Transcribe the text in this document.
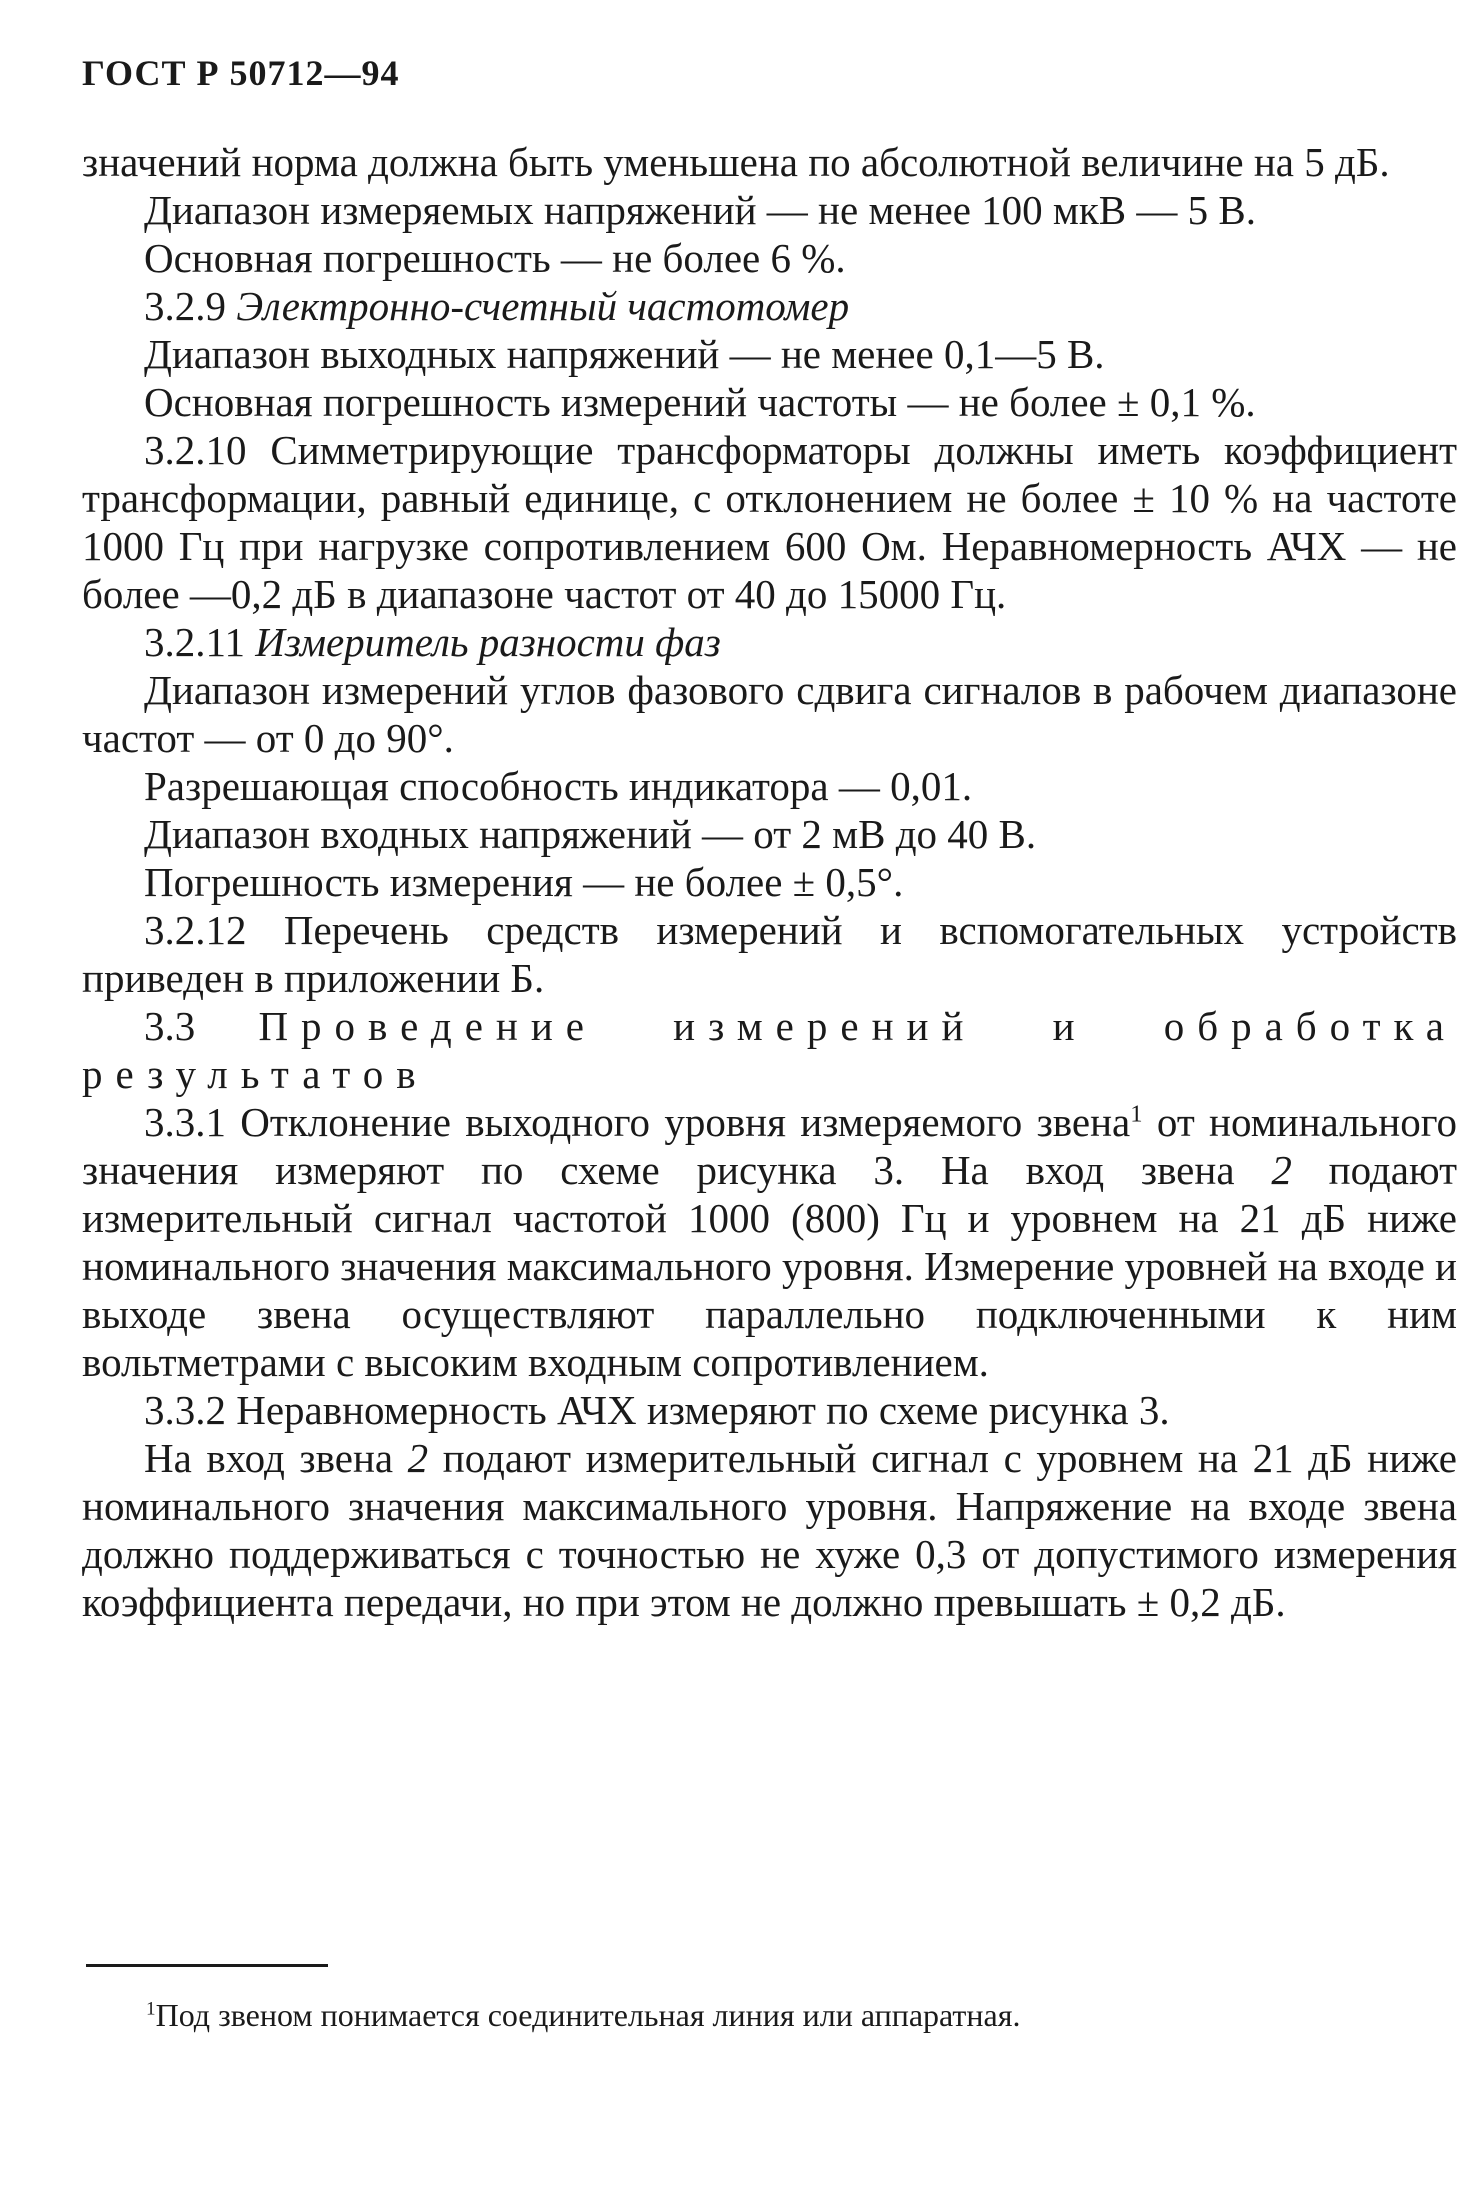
ГОСТ Р 50712—94

значений норма должна быть уменьшена по абсолютной величине на 5 дБ.

Диапазон измеряемых напряжений — не менее 100 мкВ — 5 В.

Основная погрешность — не более 6 %.

3.2.9 Электронно-счетный частотомер

Диапазон выходных напряжений — не менее 0,1—5 В.

Основная погрешность измерений частоты — не более ± 0,1 %.

3.2.10 Симметрирующие трансформаторы должны иметь коэффициент трансформации, равный единице, с отклонением не более ± 10 % на частоте 1000 Гц при нагрузке сопротивлением 600 Ом. Неравномерность АЧХ — не более —0,2 дБ в диапазоне частот от 40 до 15000 Гц.

3.2.11 Измеритель разности фаз

Диапазон измерений углов фазового сдвига сигналов в рабочем диапазоне частот — от 0 до 90°.

Разрешающая способность индикатора — 0,01.

Диапазон входных напряжений — от 2 мВ до 40 В.

Погрешность измерения — не более ± 0,5°.

3.2.12 Перечень средств измерений и вспомогательных устройств приведен в приложении Б.

3.3 Проведение измерений и обработка результатов

3.3.1 Отклонение выходного уровня измеряемого звена$^1$ от номинального значения измеряют по схеме рисунка 3. На вход звена 2 подают измерительный сигнал частотой 1000 (800) Гц и уровнем на 21 дБ ниже номинального значения максимального уровня. Измерение уровней на входе и выходе звена осуществляют параллельно подключенными к ним вольтметрами с высоким входным сопротивлением.

3.3.2 Неравномерность АЧХ измеряют по схеме рисунка 3.

На вход звена 2 подают измерительный сигнал с уровнем на 21 дБ ниже номинального значения максимального уровня. Напряжение на входе звена должно поддерживаться с точностью не хуже 0,3 от допустимого измерения коэффициента передачи, но при этом не должно превышать ± 0,2 дБ.

$^1$Под звеном понимается соединительная линия или аппаратная.
